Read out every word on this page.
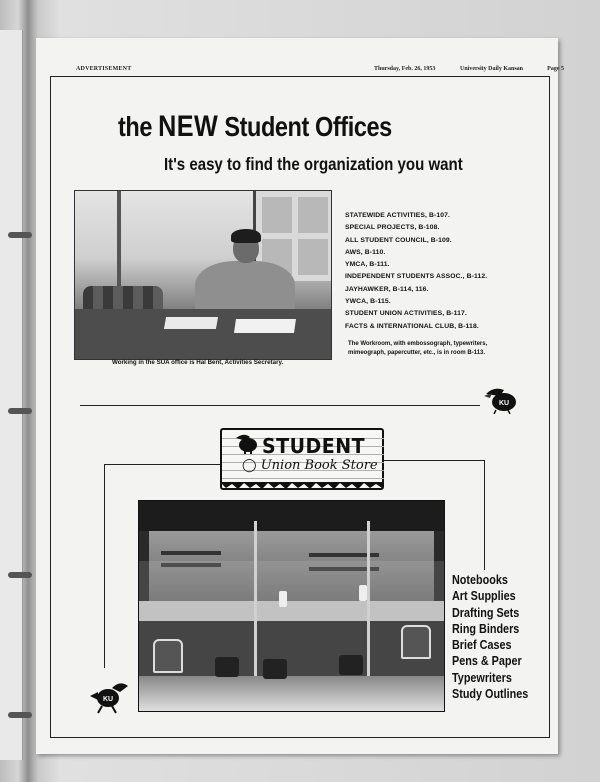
ADVERTISEMENT	Thursday, Feb. 26, 1953	University Daily Kansan	Page 5
the NEW Student Offices
It's easy to find the organization you want
Working in the SUA office is Hal Bent, Activities Secretary.
STATEWIDE ACTIVITIES, B-107.
SPECIAL PROJECTS, B-108.
ALL STUDENT COUNCIL, B-109.
AWS, B-110.
YMCA, B-111.
INDEPENDENT STUDENTS ASSOC., B-112.
JAYHAWKER, B-114, 116.
YWCA, B-115.
STUDENT UNION ACTIVITIES, B-117.
FACTS & INTERNATIONAL CLUB, B-118.
The Workroom, with embossograph, typewriters, mimeograph, papercutter, etc., is in room B-113.
KU
STUDENT
◯ Union Book Store
Notebooks
Art Supplies
Drafting Sets
Ring Binders
Brief Cases
Pens & Paper
Typewriters
Study Outlines
KU
